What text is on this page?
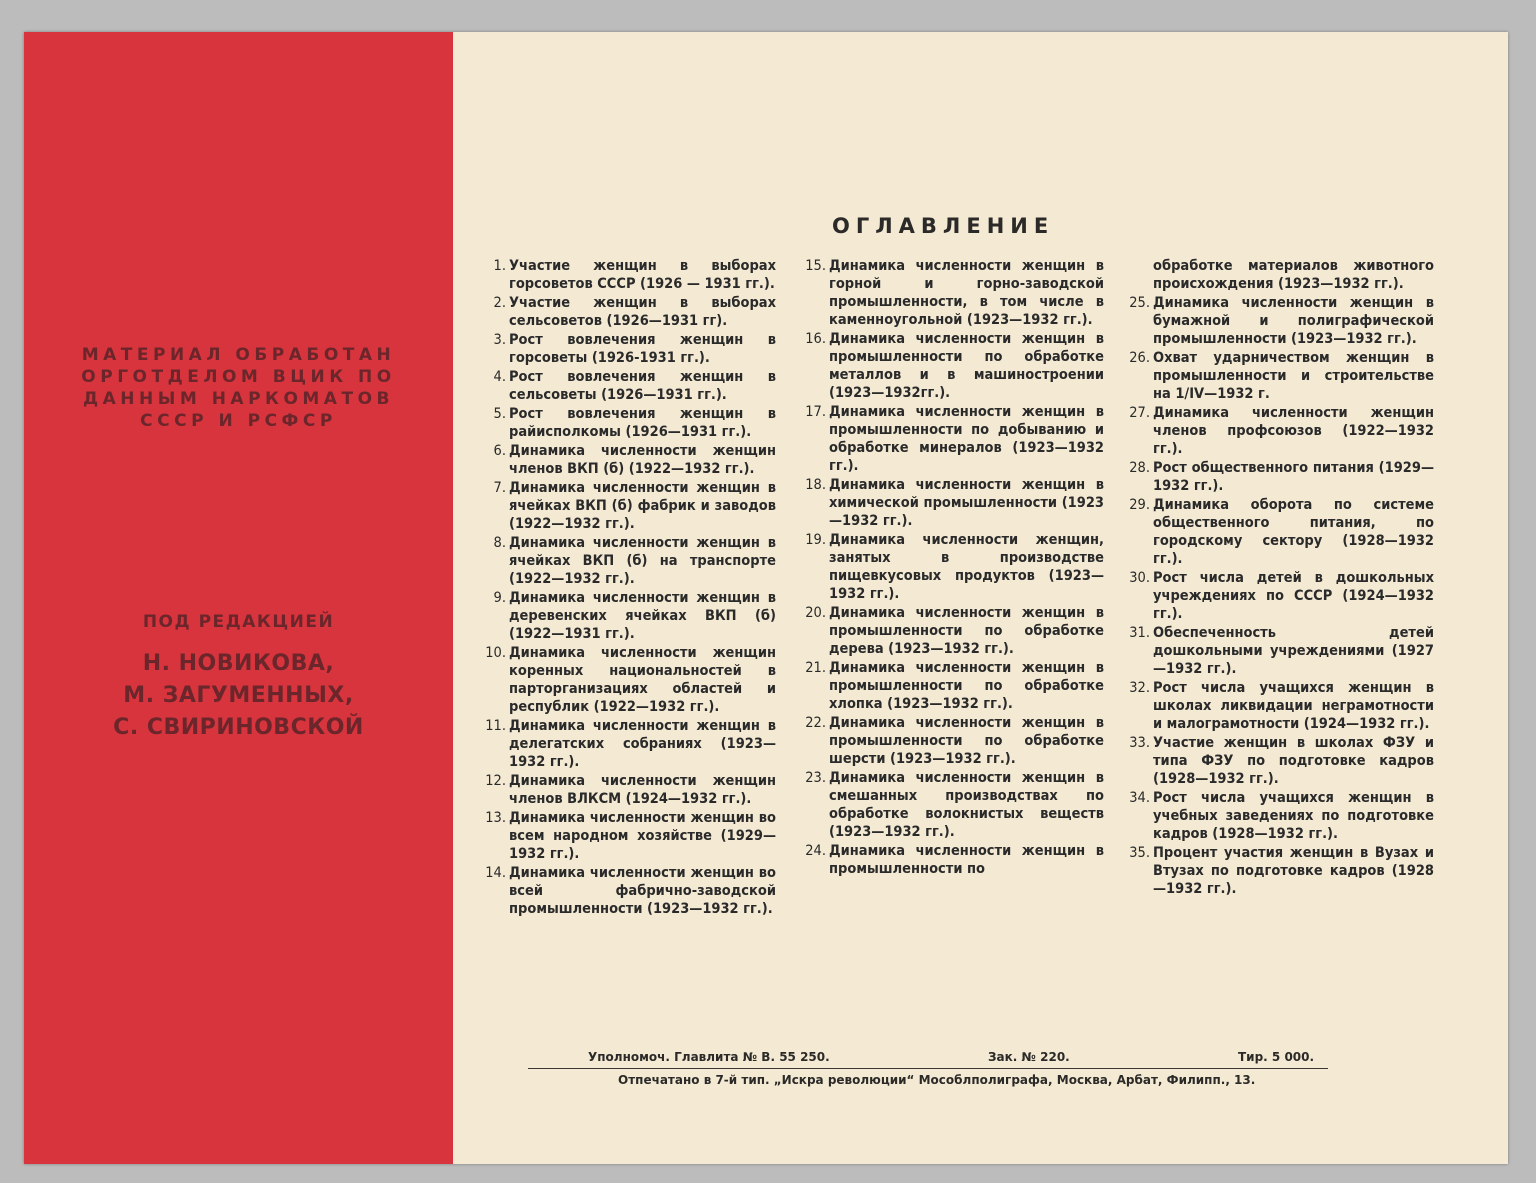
МАТЕРИАЛ ОБРАБОТАН
ОРГОТДЕЛОМ ВЦИК ПО
ДАННЫМ НАРКОМАТОВ
СССР И РСФСР
ПОД РЕДАКЦИЕЙ
Н. НОВИКОВА,
М. ЗАГУМЕННЫХ,
С. СВИРИНОВСКОЙ
ОГЛАВЛЕНИЕ
1. Участие женщин в выборах горсоветов СССР (1926 — 1931 гг.).
2. Участие женщин в выборах сельсоветов (1926—1931 гг).
3. Рост вовлечения женщин в горсоветы (1926-1931 гг.).
4. Рост вовлечения женщин в сельсоветы (1926—1931 гг.).
5. Рост вовлечения женщин в райисполкомы (1926—1931 гг.).
6. Динамика численности женщин членов ВКП (б) (1922—1932 гг.).
7. Динамика численности женщин в ячейках ВКП (б) фабрик и заводов (1922—1932 гг.).
8. Динамика численности женщин в ячейках ВКП (б) на транспорте (1922—1932 гг.).
9. Динамика численности женщин в деревенских ячейках ВКП (б) (1922—1931 гг.).
10. Динамика численности женщин коренных национальностей в парторганизациях областей и республик (1922—1932 гг.).
11. Динамика численности женщин в делегатских собраниях (1923—1932 гг.).
12. Динамика численности женщин членов ВЛКСМ (1924—1932 гг.).
13. Динамика численности женщин во всем народном хозяйстве (1929—1932 гг.).
14. Динамика численности женщин во всей фабрично-заводской промышленности (1923—1932 гг.).
15. Динамика численности женщин в горной и горно-заводской промышленности, в том числе в каменноугольной (1923—1932 гг.).
16. Динамика численности женщин в промышленности по обработке металлов и в машиностроении (1923—1932гг.).
17. Динамика численности женщин в промышленности по добыванию и обработке минералов (1923—1932 гг.).
18. Динамика численности женщин в химической промышленности (1923—1932 гг.).
19. Динамика численности женщин, занятых в производстве пищевкусовых продуктов (1923—1932 гг.).
20. Динамика численности женщин в промышленности по обработке дерева (1923—1932 гг.).
21. Динамика численности женщин в промышленности по обработке хлопка (1923—1932 гг.).
22. Динамика численности женщин в промышленности по обработке шерсти (1923—1932 гг.).
23. Динамика численности женщин в смешанных производствах по обработке волокнистых веществ (1923—1932 гг.).
24. Динамика численности женщин в промышленности по
обработке материалов животного происхождения (1923—1932 гг.).
25. Динамика численности женщин в бумажной и полиграфической промышленности (1923—1932 гг.).
26. Охват ударничеством женщин в промышленности и строительстве на 1/IV—1932 г.
27. Динамика численности женщин членов профсоюзов (1922—1932 гг.).
28. Рост общественного питания (1929—1932 гг.).
29. Динамика оборота по системе общественного питания, по городскому сектору (1928—1932 гг.).
30. Рост числа детей в дошкольных учреждениях по СССР (1924—1932 гг.).
31. Обеспеченность детей дошкольными учреждениями (1927—1932 гг.).
32. Рост числа учащихся женщин в школах ликвидации неграмотности и малограмотности (1924—1932 гг.).
33. Участие женщин в школах ФЗУ и типа ФЗУ по подготовке кадров (1928—1932 гг.).
34. Рост числа учащихся женщин в учебных заведениях по подготовке кадров (1928—1932 гг.).
35. Процент участия женщин в Вузах и Втузах по подготовке кадров (1928—1932 гг.).
Уполномоч. Главлита № В. 55 250.	Зак. № 220.	Тир. 5 000.
Отпечатано в 7-й тип. „Искра революции“ Мособлполиграфа, Москва, Арбат, Филипп., 13.
